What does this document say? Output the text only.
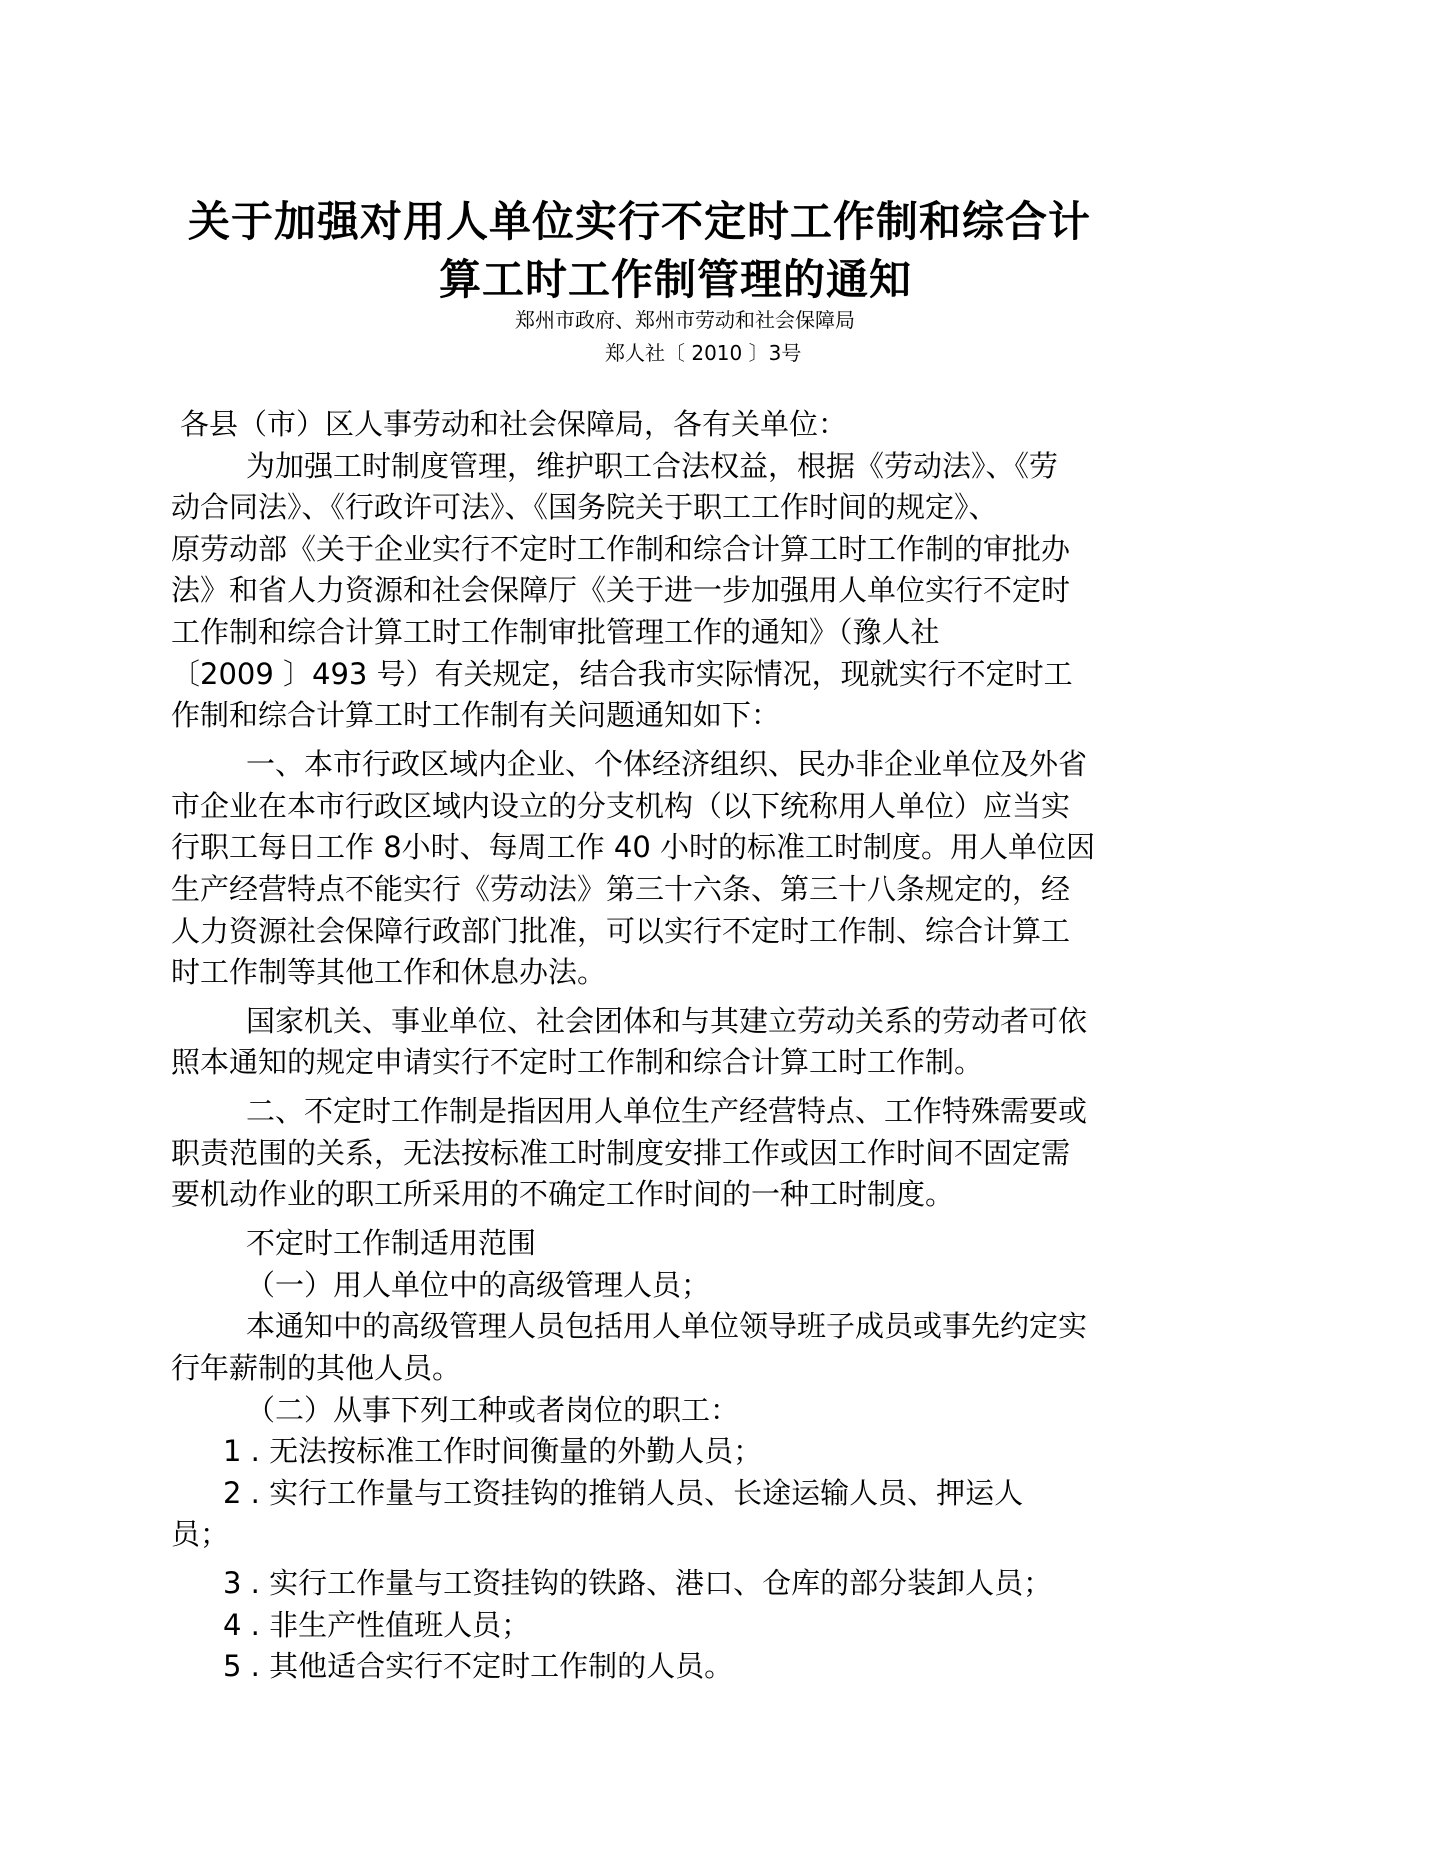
关于加强对用人单位实行不定时工作制和综合计
算工时工作制管理的通知
郑州市政府、郑州市劳动和社会保障局
郑人社〔 2010 〕3号
各县（市）区人事劳动和社会保障局，各有关单位：
为加强工时制度管理，维护职工合法权益，根据《劳动法》、《劳
动合同法》、《行政许可法》、《国务院关于职工工作时间的规定》、
原劳动部《关于企业实行不定时工作制和综合计算工时工作制的审批办
法》和省人力资源和社会保障厅《关于进一步加强用人单位实行不定时
工作制和综合计算工时工作制审批管理工作的通知》（豫人社
〔2009 〕493 号）有关规定，结合我市实际情况，现就实行不定时工
作制和综合计算工时工作制有关问题通知如下：
一、本市行政区域内企业、个体经济组织、民办非企业单位及外省
市企业在本市行政区域内设立的分支机构（以下统称用人单位）应当实
行职工每日工作 8小时、每周工作 40 小时的标准工时制度。用人单位因
生产经营特点不能实行《劳动法》第三十六条、第三十八条规定的，经
人力资源社会保障行政部门批准，可以实行不定时工作制、综合计算工
时工作制等其他工作和休息办法。
国家机关、事业单位、社会团体和与其建立劳动关系的劳动者可依
照本通知的规定申请实行不定时工作制和综合计算工时工作制。
二、不定时工作制是指因用人单位生产经营特点、工作特殊需要或
职责范围的关系，无法按标准工时制度安排工作或因工作时间不固定需
要机动作业的职工所采用的不确定工作时间的一种工时制度。
不定时工作制适用范围
（一）用人单位中的高级管理人员；
本通知中的高级管理人员包括用人单位领导班子成员或事先约定实
行年薪制的其他人员。
（二）从事下列工种或者岗位的职工：
1 . 无法按标准工作时间衡量的外勤人员；
2 . 实行工作量与工资挂钩的推销人员、长途运输人员、押运人
员；
3 . 实行工作量与工资挂钩的铁路、港口、仓库的部分装卸人员；
4 . 非生产性值班人员；
5 . 其他适合实行不定时工作制的人员。
